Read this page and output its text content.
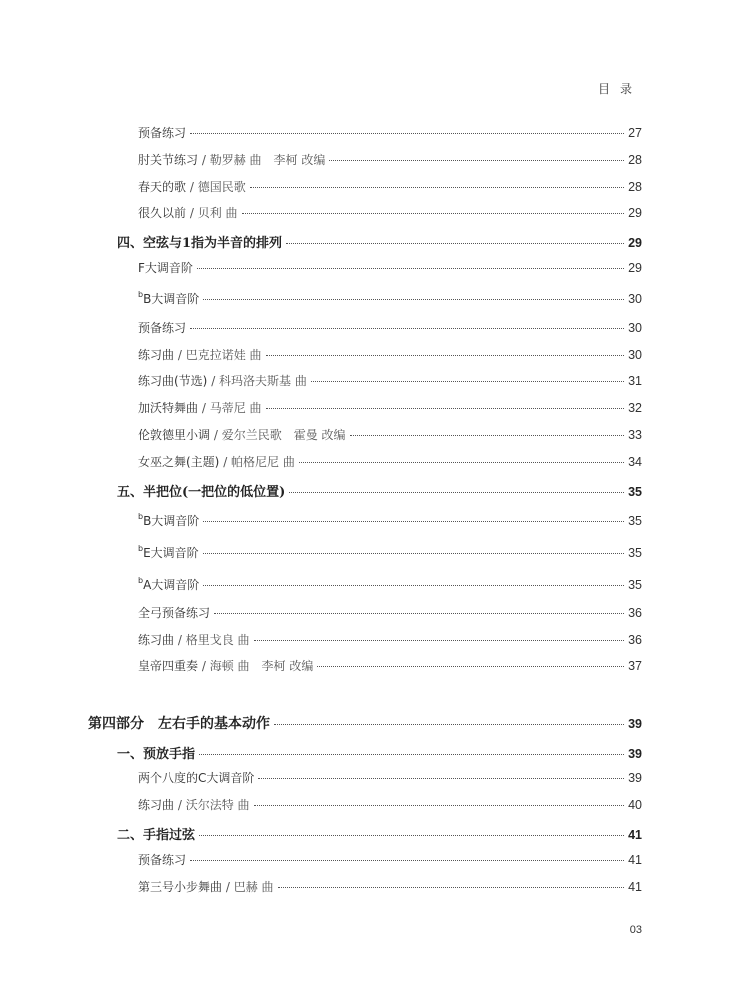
目录
预备练习	27
肘关节练习 / 勒罗赫 曲　李柯 改编	28
春天的歌 / 德国民歌	28
很久以前 / 贝利 曲	29
四、空弦与1指为半音的排列	29
F大调音阶	29
$^b$B大调音阶	30
预备练习	30
练习曲 / 巴克拉诺娃 曲	30
练习曲(节选) / 科玛洛夫斯基 曲	31
加沃特舞曲 / 马蒂尼 曲	32
伦敦德里小调 / 爱尔兰民歌　霍曼 改编	33
女巫之舞(主题) / 帕格尼尼 曲	34
五、半把位(一把位的低位置)	35
$^b$B大调音阶	35
$^b$E大调音阶	35
$^b$A大调音阶	35
全弓预备练习	36
练习曲 / 格里戈良 曲	36
皇帝四重奏 / 海顿 曲　李柯 改编	37
第四部分　左右手的基本动作	39
一、预放手指	39
两个八度的C大调音阶	39
练习曲 / 沃尔法特 曲	40
二、手指过弦	41
预备练习	41
第三号小步舞曲 / 巴赫 曲	41
03
